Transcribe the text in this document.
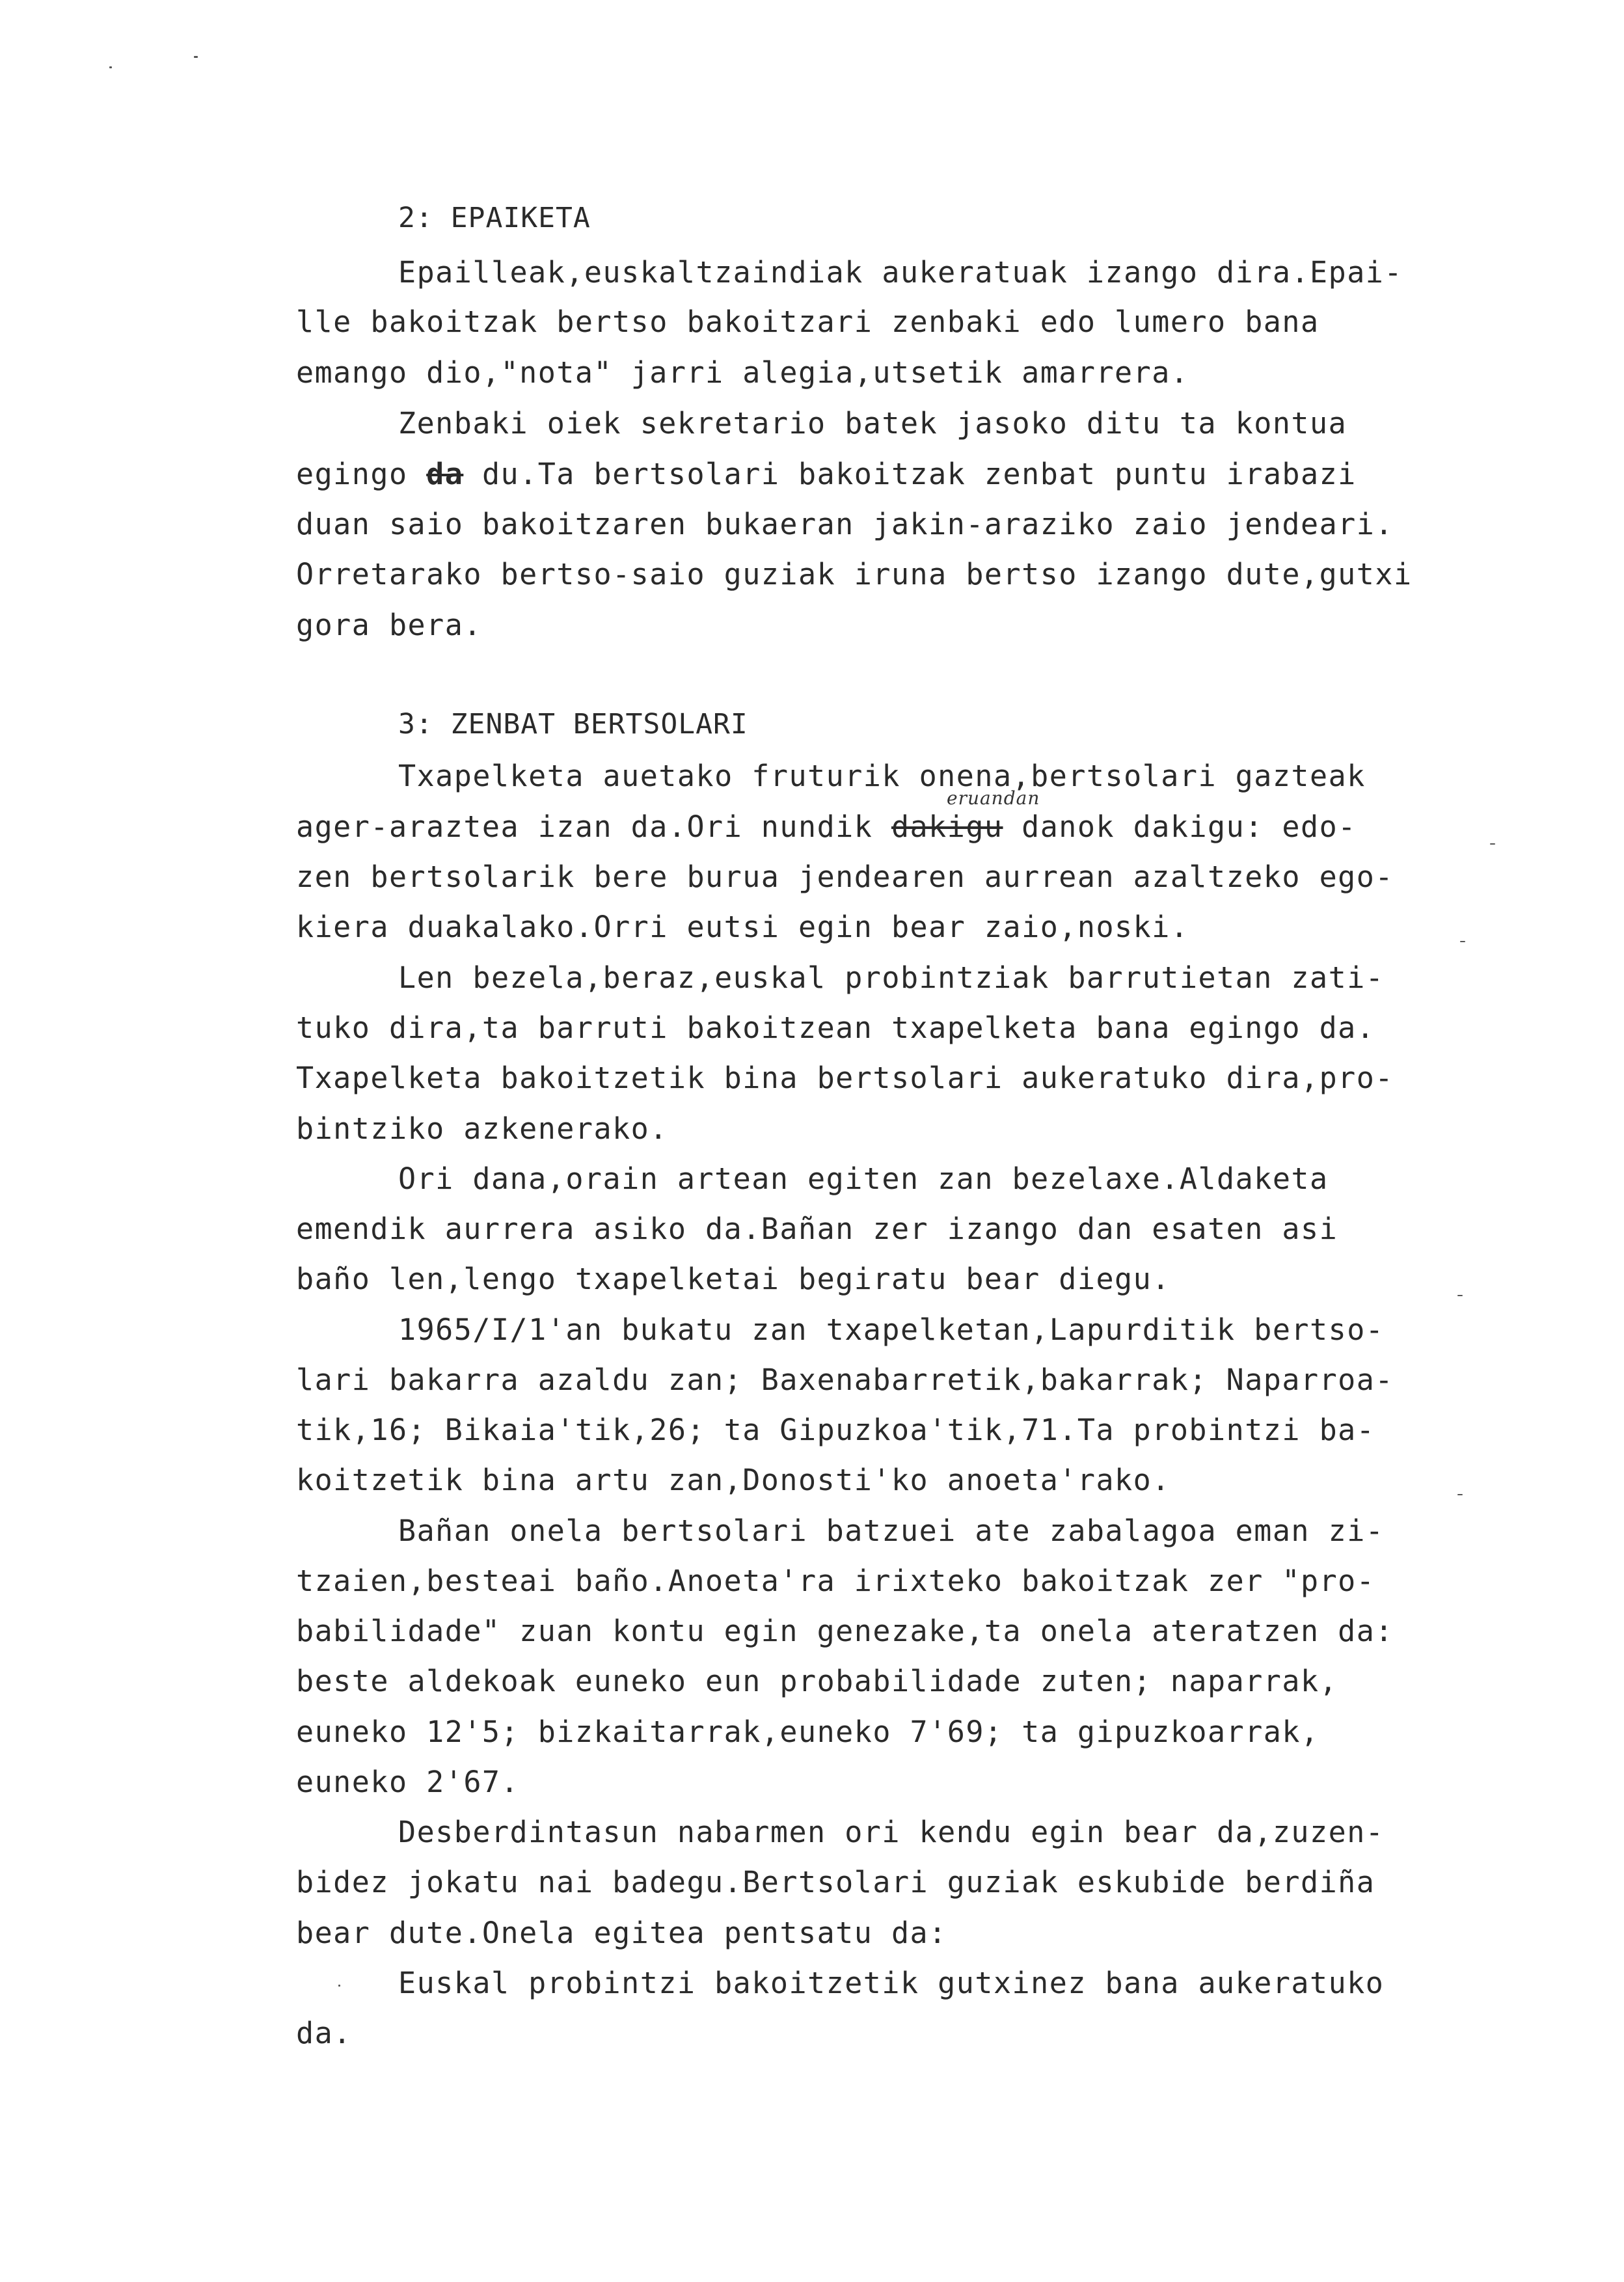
2: EPAIKETA
Epailleak,euskaltzaindiak aukeratuak izango dira.Epai-
lle bakoitzak bertso bakoitzari zenbaki edo lumero bana
emango dio,"nota" jarri alegia,utsetik amarrera.
Zenbaki oiek sekretario batek jasoko ditu ta kontua
egingo da du.Ta bertsolari bakoitzak zenbat puntu irabazi
duan saio bakoitzaren bukaeran jakin-araziko zaio jendeari.
Orretarako bertso-saio guziak iruna bertso izango dute,gutxi
gora bera.
3: ZENBAT BERTSOLARI
Txapelketa auetako fruturik onena,bertsolari gazteak
eruandan
ager-araztea izan da.Ori nundik dakigu danok dakigu: edo-
zen bertsolarik bere burua jendearen aurrean azaltzeko ego-
kiera duakalako.Orri eutsi egin bear zaio,noski.
Len bezela,beraz,euskal probintziak barrutietan zati-
tuko dira,ta barruti bakoitzean txapelketa bana egingo da.
Txapelketa bakoitzetik bina bertsolari aukeratuko dira,pro-
bintziko azkenerako.
Ori dana,orain artean egiten zan bezelaxe.Aldaketa
emendik aurrera asiko da.Bañan zer izango dan esaten asi
baño len,lengo txapelketai begiratu bear diegu.
1965/I/1'an bukatu zan txapelketan,Lapurditik bertso-
lari bakarra azaldu zan; Baxenabarretik,bakarrak; Naparroa-
tik,16; Bikaia'tik,26; ta Gipuzkoa'tik,71.Ta probintzi ba-
koitzetik bina artu zan,Donosti'ko anoeta'rako.
Bañan onela bertsolari batzuei ate zabalagoa eman zi-
tzaien,besteai baño.Anoeta'ra irixteko bakoitzak zer "pro-
babilidade" zuan kontu egin genezake,ta onela ateratzen da:
beste aldekoak euneko eun probabilidade zuten; naparrak,
euneko 12'5; bizkaitarrak,euneko 7'69; ta gipuzkoarrak,
euneko 2'67.
Desberdintasun nabarmen ori kendu egin bear da,zuzen-
bidez jokatu nai badegu.Bertsolari guziak eskubide berdiña
bear dute.Onela egitea pentsatu da:
Euskal probintzi bakoitzetik gutxinez bana aukeratuko
da.
